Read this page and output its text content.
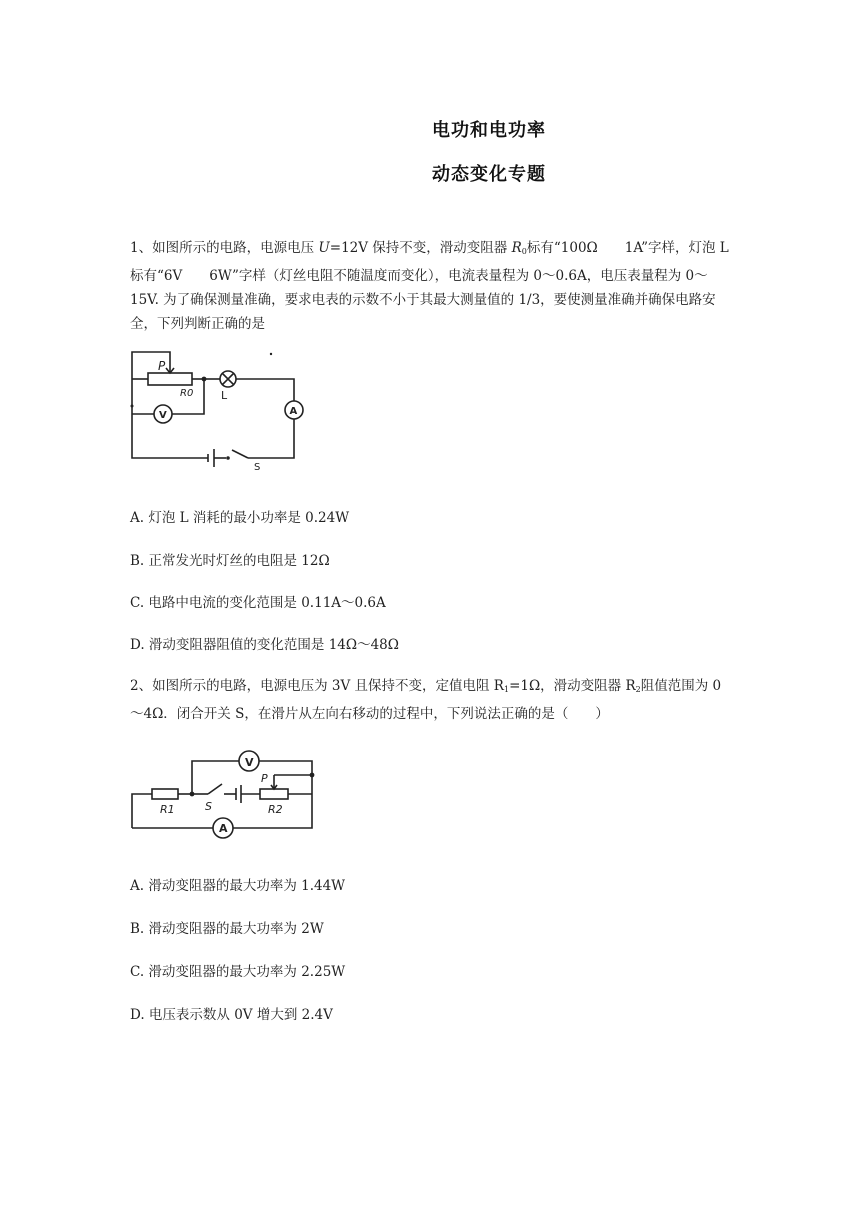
电功和电功率
动态变化专题
1、如图所示的电路，电源电压 U=12V 保持不变，滑动变阻器 $R_0$标有“100Ω　　1A”字样，灯泡 L 标有“6V　　6W”字样（灯丝电阻不随温度而变化），电流表量程为 0～0.6A，电压表量程为 0～15V. 为了确保测量准确，要求电表的示数不小于其最大测量值的 1/3，要使测量准确并确保电路安全，下列判断正确的是
P
R0	L
A
V
S
A. 灯泡 L 消耗的最小功率是 0.24W
B. 正常发光时灯丝的电阻是 12Ω
C. 电路中电流的变化范围是 0.11A～0.6A
D. 滑动变阻器阻值的变化范围是 14Ω～48Ω
2、如图所示的电路，电源电压为 3V 且保持不变，定值电阻 $R_1=1\Omega$，滑动变阻器 $R_2$阻值范围为 0～4Ω．闭合开关 S，在滑片从左向右移动的过程中，下列说法正确的是（　　）
V
P
R1	S	R2
A
A. 滑动变阻器的最大功率为 1.44W
B. 滑动变阻器的最大功率为 2W
C. 滑动变阻器的最大功率为 2.25W
D. 电压表示数从 0V 增大到 2.4V
